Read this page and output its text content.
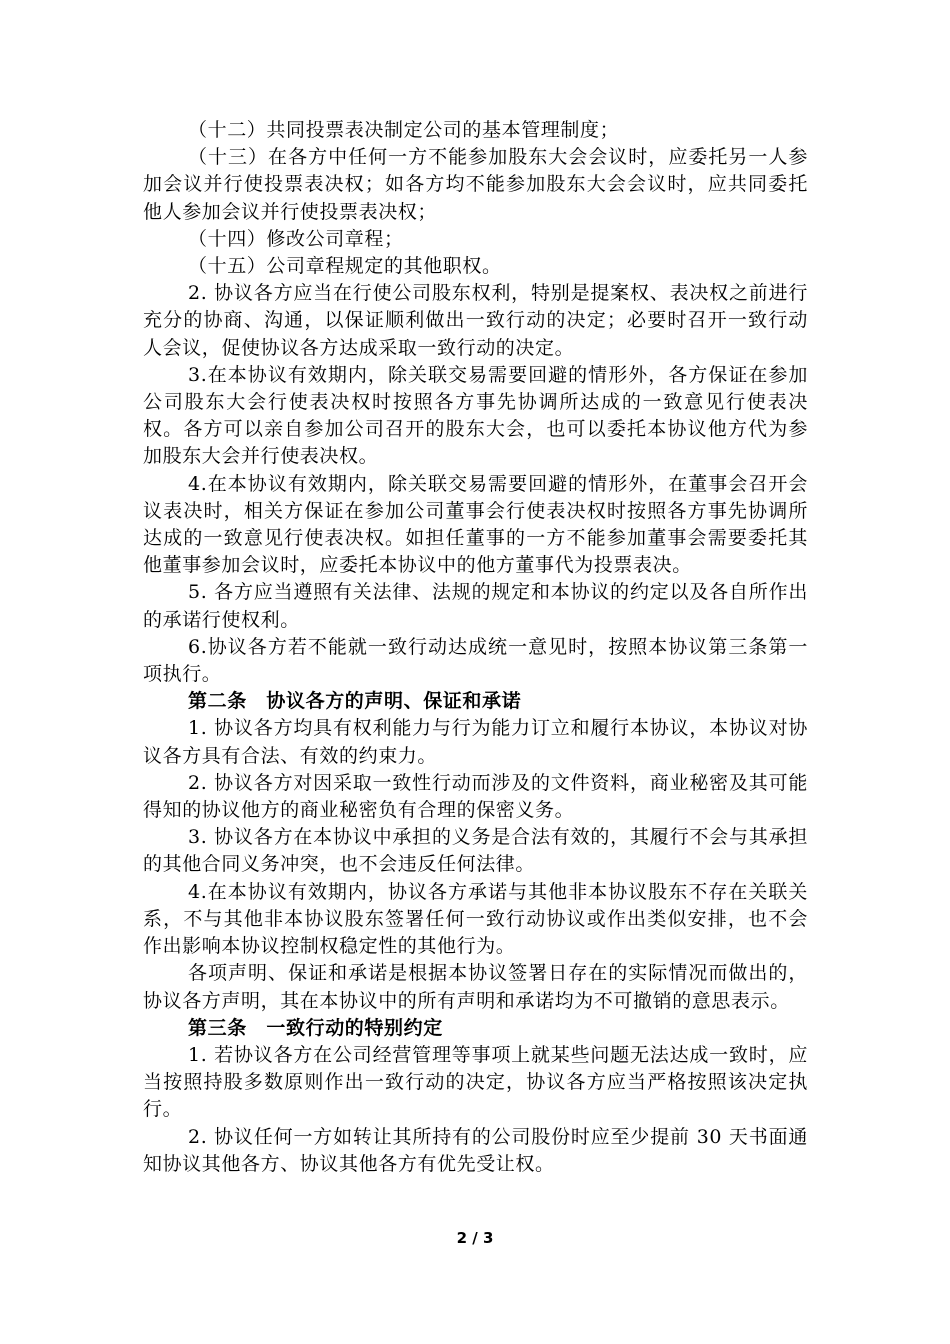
（十二）共同投票表决制定公司的基本管理制度；

（十三）在各方中任何一方不能参加股东大会会议时，应委托另一人参加会议并行使投票表决权；如各方均不能参加股东大会会议时，应共同委托他人参加会议并行使投票表决权；

（十四）修改公司章程；

（十五）公司章程规定的其他职权。

2. 协议各方应当在行使公司股东权利，特别是提案权、表决权之前进行充分的协商、沟通，以保证顺利做出一致行动的决定；必要时召开一致行动人会议，促使协议各方达成采取一致行动的决定。

3.在本协议有效期内，除关联交易需要回避的情形外，各方保证在参加公司股东大会行使表决权时按照各方事先协调所达成的一致意见行使表决权。各方可以亲自参加公司召开的股东大会，也可以委托本协议他方代为参加股东大会并行使表决权。

4.在本协议有效期内，除关联交易需要回避的情形外，在董事会召开会议表决时，相关方保证在参加公司董事会行使表决权时按照各方事先协调所达成的一致意见行使表决权。如担任董事的一方不能参加董事会需要委托其他董事参加会议时，应委托本协议中的他方董事代为投票表决。

5. 各方应当遵照有关法律、法规的规定和本协议的约定以及各自所作出的承诺行使权利。

6.协议各方若不能就一致行动达成统一意见时，按照本协议第三条第一项执行。

第二条　协议各方的声明、保证和承诺

1. 协议各方均具有权利能力与行为能力订立和履行本协议，本协议对协议各方具有合法、有效的约束力。

2. 协议各方对因采取一致性行动而涉及的文件资料，商业秘密及其可能得知的协议他方的商业秘密负有合理的保密义务。

3. 协议各方在本协议中承担的义务是合法有效的，其履行不会与其承担的其他合同义务冲突，也不会违反任何法律。

4.在本协议有效期内，协议各方承诺与其他非本协议股东不存在关联关系，不与其他非本协议股东签署任何一致行动协议或作出类似安排，也不会作出影响本协议控制权稳定性的其他行为。

各项声明、保证和承诺是根据本协议签署日存在的实际情况而做出的，协议各方声明，其在本协议中的所有声明和承诺均为不可撤销的意思表示。

第三条　一致行动的特别约定

1. 若协议各方在公司经营管理等事项上就某些问题无法达成一致时，应当按照持股多数原则作出一致行动的决定，协议各方应当严格按照该决定执行。

2. 协议任何一方如转让其所持有的公司股份时应至少提前 30 天书面通知协议其他各方、协议其他各方有优先受让权。

2 / 3
